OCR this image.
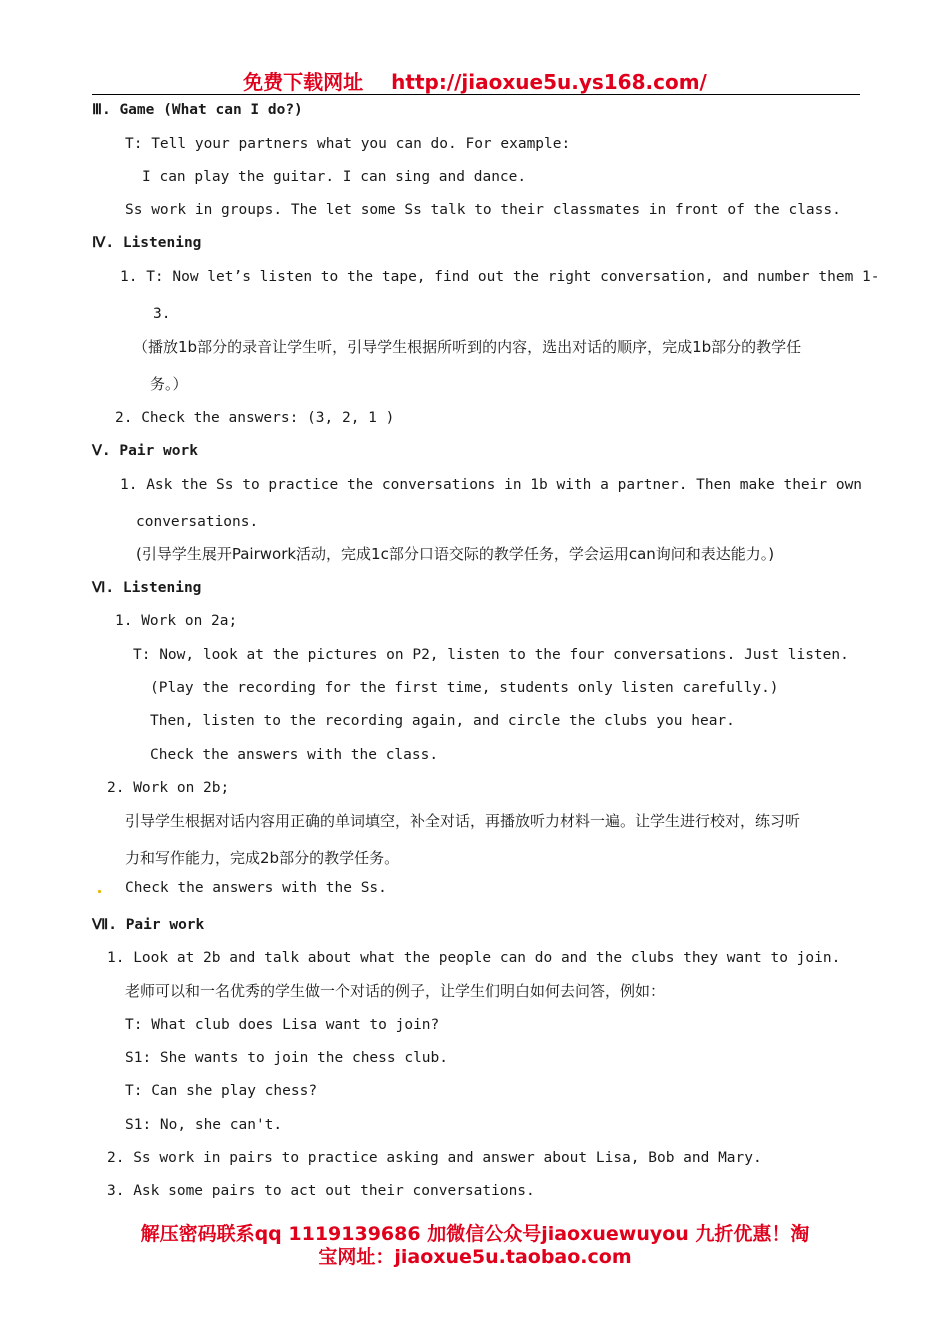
免费下载网址 http://jiaoxue5u.ys168.com/
Ⅲ. Game (What can I do?)
T: Tell your partners what you can do. For example:
I can play the guitar. I can sing and dance.
Ss work in groups. The let some Ss talk to their classmates in front of the class.
Ⅳ. Listening
1. T: Now let’s listen to the tape, find out the right conversation, and number them 1-
3.
（播放1b部分的录音让学生听，引导学生根据所听到的内容，选出对话的顺序，完成1b部分的教学任
务。）
2. Check the answers: (3, 2, 1 )
Ⅴ. Pair work
1. Ask the Ss to practice the conversations in 1b with a partner. Then make their own
conversations.
(引导学生展开Pairwork活动，完成1c部分口语交际的教学任务，学会运用can询问和表达能力。)
Ⅵ. Listening
1. Work on 2a;
T: Now, look at the pictures on P2, listen to the four conversations. Just listen.
(Play the recording for the first time, students only listen carefully.)
Then, listen to the recording again, and circle the clubs you hear.
Check the answers with the class.
2. Work on 2b;
引导学生根据对话内容用正确的单词填空，补全对话，再播放听力材料一遍。让学生进行校对，练习听
力和写作能力，完成2b部分的教学任务。
Check the answers with the Ss.
Ⅶ. Pair work
1. Look at 2b and talk about what the people can do and the clubs they want to join.
老师可以和一名优秀的学生做一个对话的例子，让学生们明白如何去问答，例如：
T: What club does Lisa want to join?
S1: She wants to join the chess club.
T: Can she play chess?
S1: No, she can't.
2. Ss work in pairs to practice asking and answer about Lisa, Bob and Mary.
3. Ask some pairs to act out their conversations.
解压密码联系qq 1119139686 加微信公众号jiaoxuewuyou 九折优惠！淘
宝网址：jiaoxue5u.taobao.com
